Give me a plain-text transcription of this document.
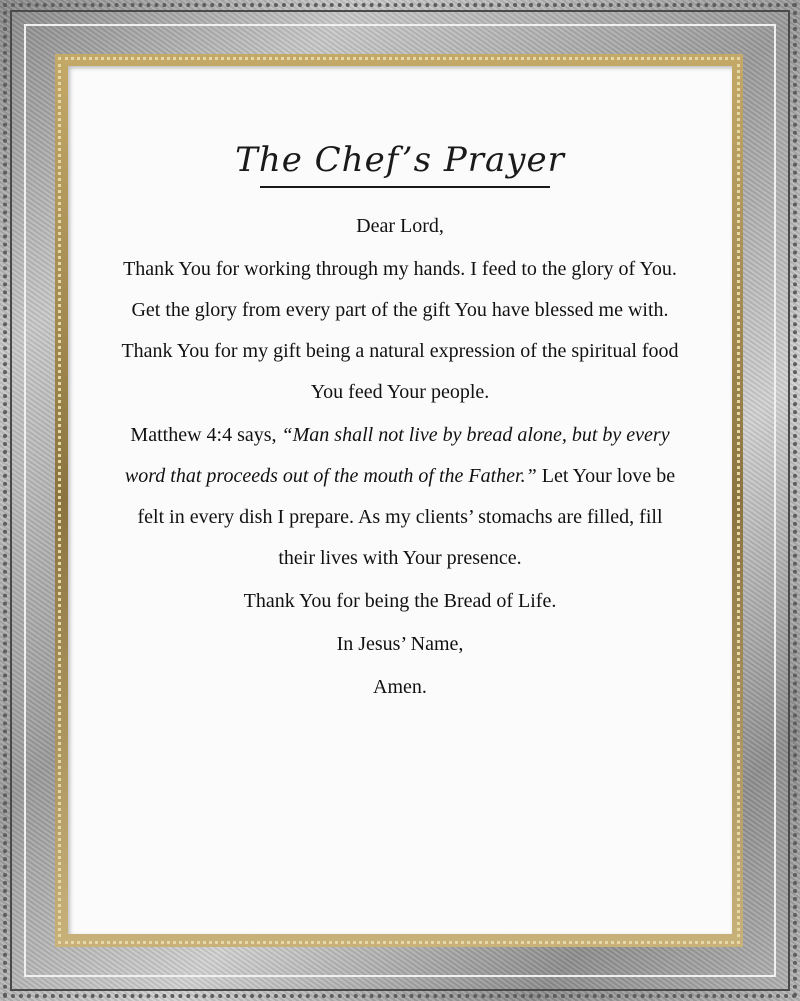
The Chef’s Prayer

Dear Lord,

Thank You for working through my hands. I feed to the glory of You. Get the glory from every part of the gift You have blessed me with. Thank You for my gift being a natural expression of the spiritual food You feed Your people.

Matthew 4:4 says, “Man shall not live by bread alone, but by every word that proceeds out of the mouth of the Father.” Let Your love be felt in every dish I prepare. As my clients’ stomachs are filled, fill their lives with Your presence.

Thank You for being the Bread of Life.

In Jesus’ Name,

Amen.
